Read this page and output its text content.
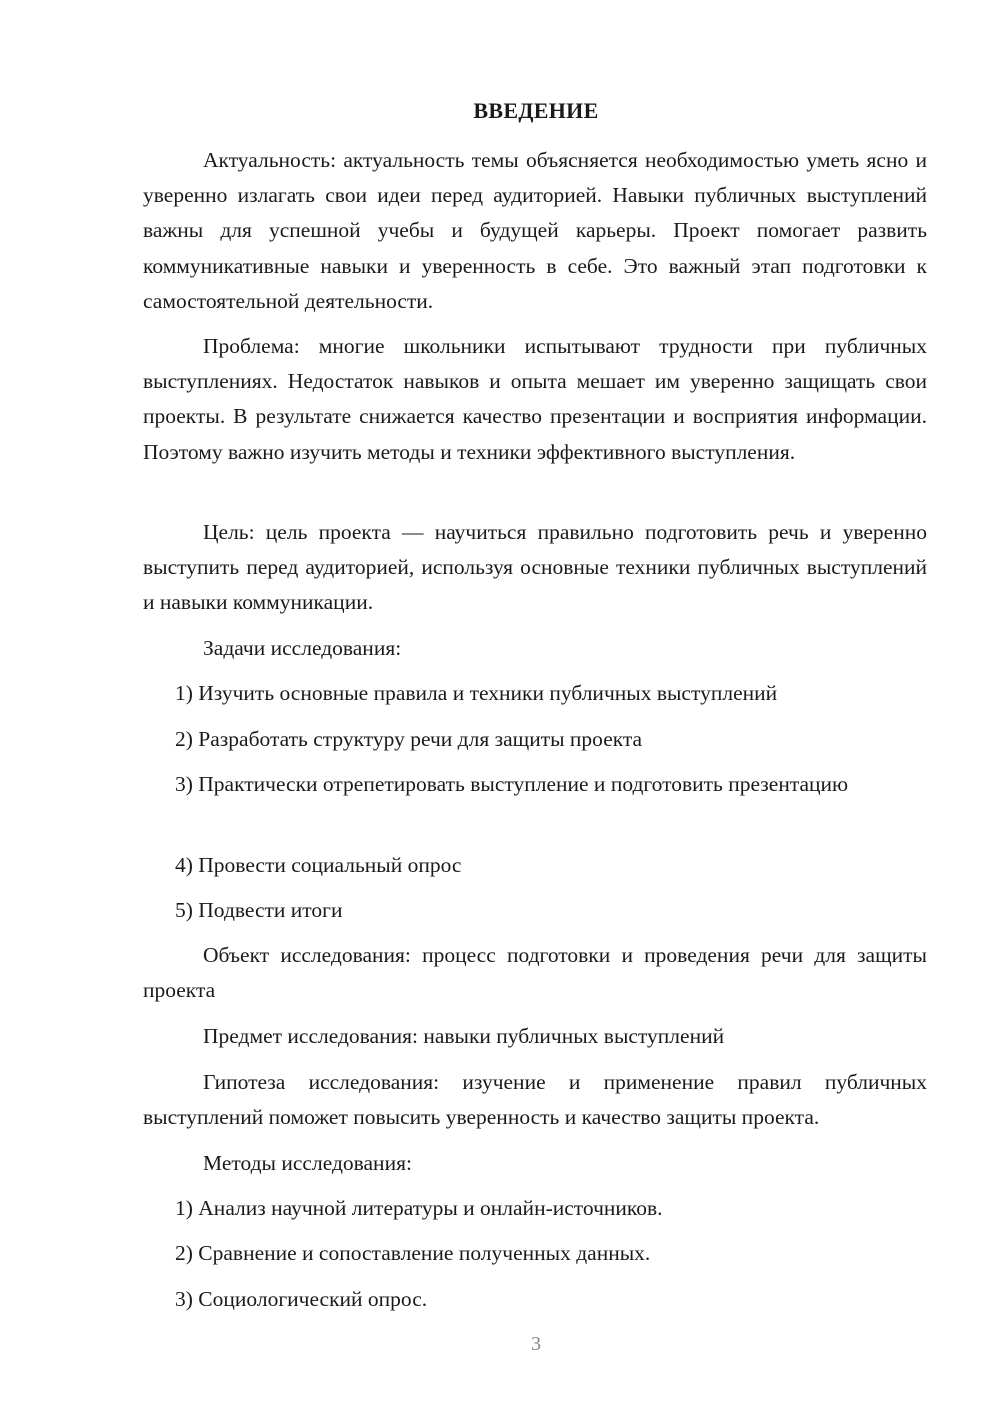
ВВЕДЕНИЕ

Актуальность: актуальность темы объясняется необходимостью уметь ясно и уверенно излагать свои идеи перед аудиторией. Навыки публичных выступлений важны для успешной учебы и будущей карьеры. Проект помогает развить коммуникативные навыки и уверенность в себе. Это важный этап подготовки к самостоятельной деятельности.

Проблема: многие школьники испытывают трудности при публичных выступлениях. Недостаток навыков и опыта мешает им уверенно защищать свои проекты. В результате снижается качество презентации и восприятия информации. Поэтому важно изучить методы и техники эффективного выступления.

Цель: цель проекта — научиться правильно подготовить речь и уверенно выступить перед аудиторией, используя основные техники публичных выступлений и навыки коммуникации.

Задачи исследования:

1) Изучить основные правила и техники публичных выступлений

2) Разработать структуру речи для защиты проекта

3) Практически отрепетировать выступление и подготовить презентацию

4) Провести социальный опрос

5) Подвести итоги

Объект исследования: процесс подготовки и проведения речи для защиты проекта

Предмет исследования: навыки публичных выступлений

Гипотеза исследования: изучение и применение правил публичных выступлений поможет повысить уверенность и качество защиты проекта.

Методы исследования:

1) Анализ научной литературы и онлайн-источников.

2) Сравнение и сопоставление полученных данных.

3) Социологический опрос.

3
